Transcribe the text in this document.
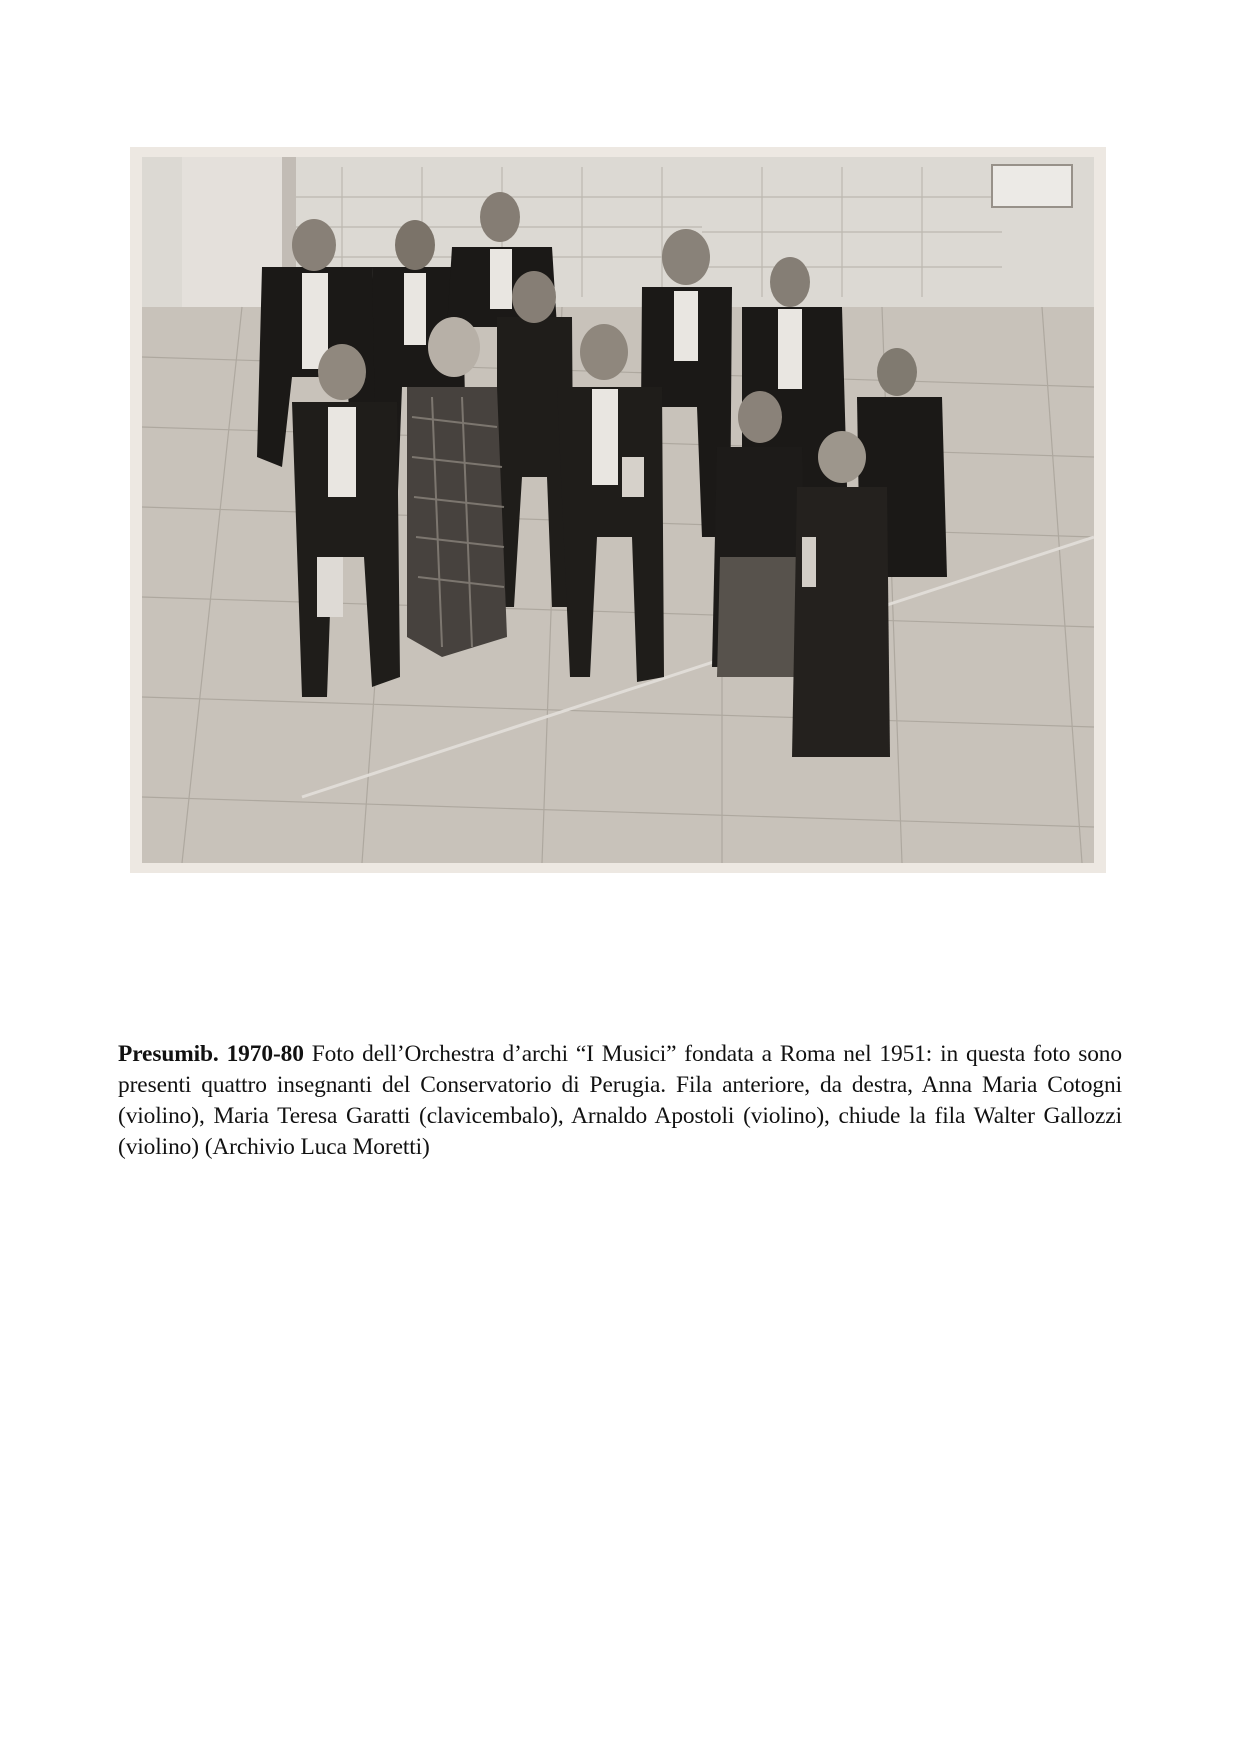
Presumib. 1970-80 Foto dell’Orchestra d’archi “I Musici” fondata a Roma nel 1951: in questa foto sono presenti quattro insegnanti del Conservatorio di Perugia. Fila anteriore, da destra, Anna Maria Cotogni (violino), Maria Teresa Garatti (clavicembalo), Arnaldo Apostoli (violino), chiude la fila Walter Gallozzi (violino) (Archivio Luca Moretti)
